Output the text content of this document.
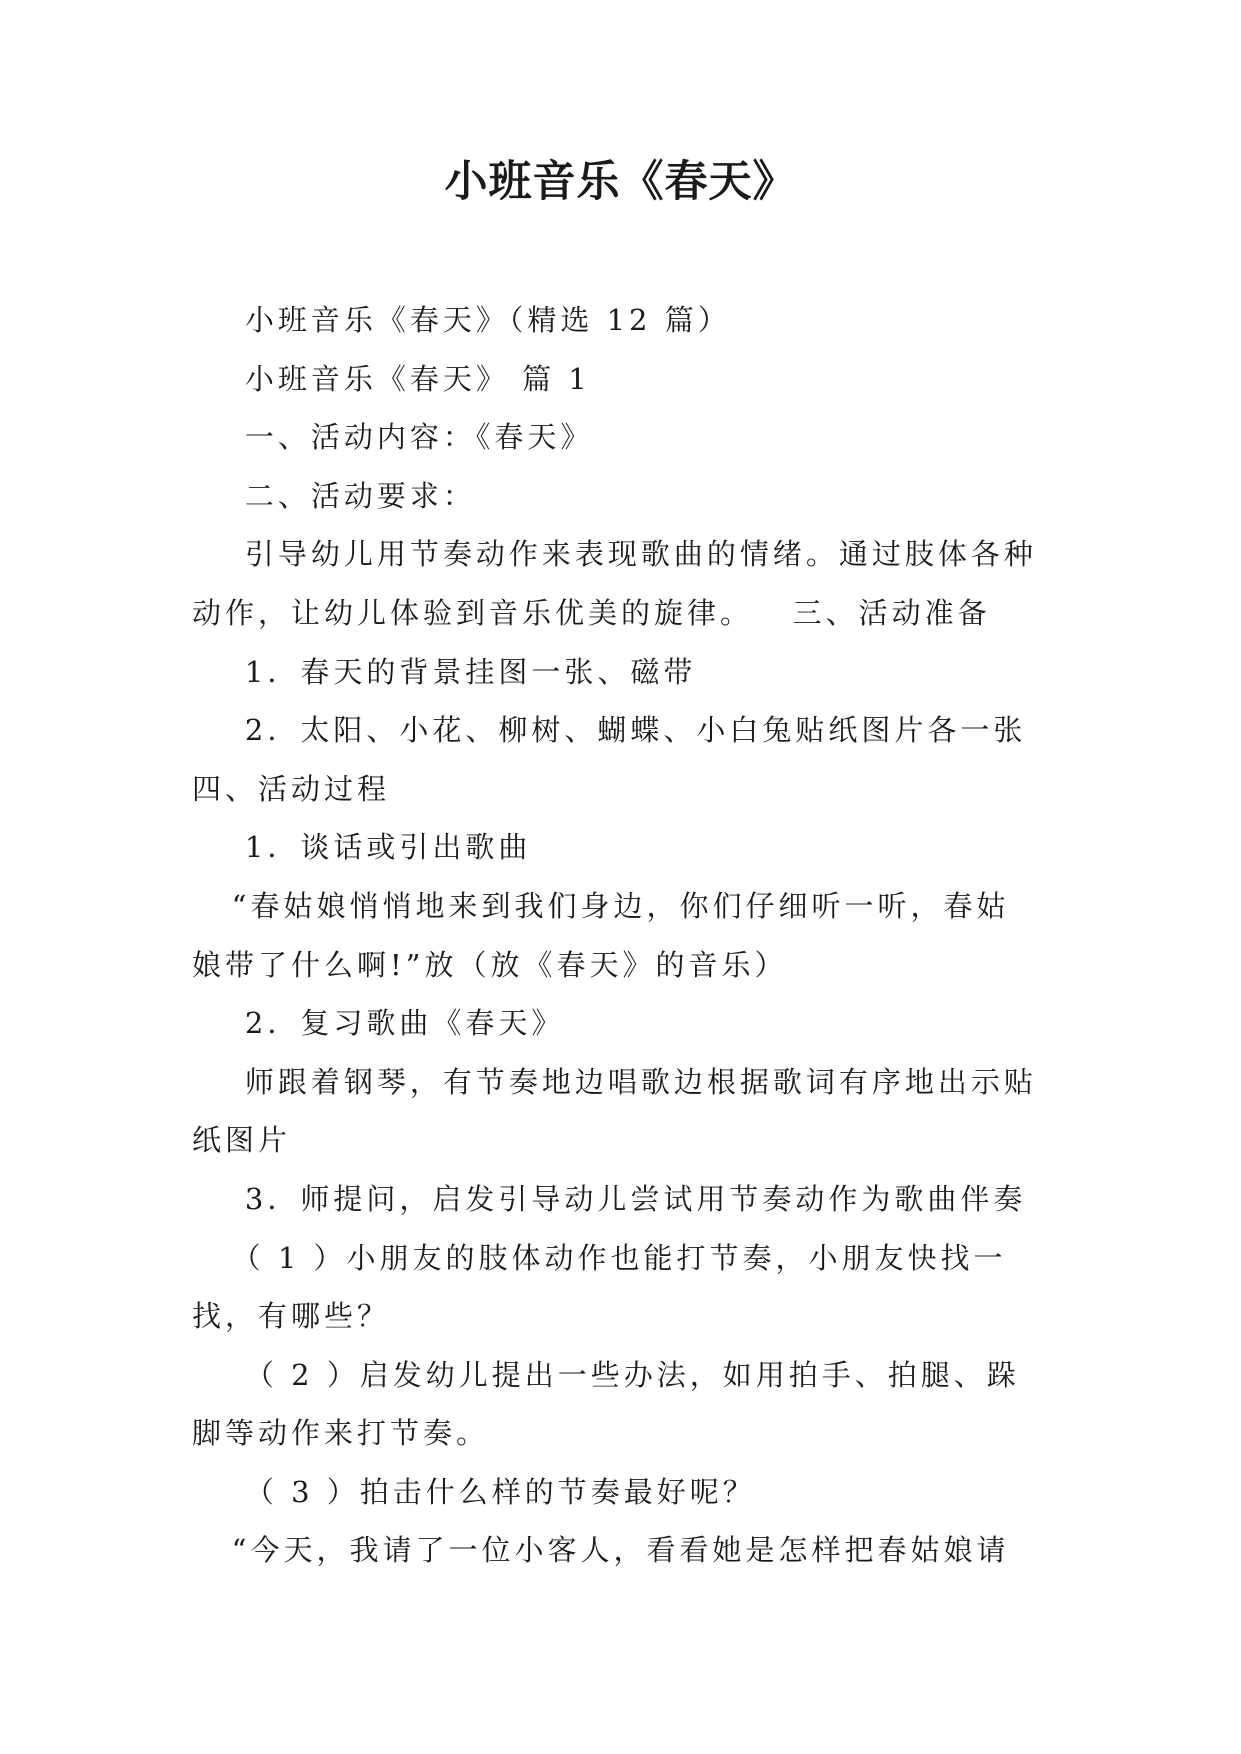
小班音乐《春天》

小班音乐《春天》（精选 12 篇）

小班音乐《春天》 篇 1

一、活动内容：《春天》

二、活动要求：

引导幼儿用节奏动作来表现歌曲的情绪。通过肢体各种

动作，让幼儿体验到音乐优美的旋律。   三、活动准备

1．春天的背景挂图一张、磁带

2．太阳、小花、柳树、蝴蝶、小白兔贴纸图片各一张

四、活动过程

1．谈话或引出歌曲

“春姑娘悄悄地来到我们身边，你们仔细听一听，春姑

娘带了什么啊!”放（放《春天》的音乐）

2．复习歌曲《春天》

师跟着钢琴，有节奏地边唱歌边根据歌词有序地出示贴

纸图片

3．师提问，启发引导动儿尝试用节奏动作为歌曲伴奏

（ 1 ）小朋友的肢体动作也能打节奏，小朋友快找一

找，有哪些？

（ 2 ）启发幼儿提出一些办法，如用拍手、拍腿、跺

脚等动作来打节奏。

（ 3 ）拍击什么样的节奏最好呢？

“今天，我请了一位小客人，看看她是怎样把春姑娘请
